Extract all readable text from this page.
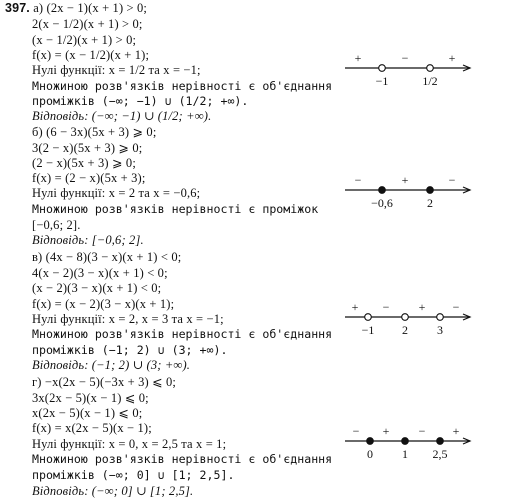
397. а) (2x − 1)(x + 1) > 0;
2(x − 1/2)(x + 1) > 0;
(x − 1/2)(x + 1) > 0;
f(x) = (x − 1/2)(x + 1);
Нулі функції: x = 1/2 та x = −1;
Множиною розв'язків нерівності є об'єднання
проміжків (−∞; −1) ∪ (1/2; +∞).
Відповідь: (−∞; −1) ∪ (1/2; +∞).
б) (6 − 3x)(5x + 3) ⩾ 0;
3(2 − x)(5x + 3) ⩾ 0;
(2 − x)(5x + 3) ⩾ 0;
f(x) = (2 − x)(5x + 3);
Нулі функції: x = 2 та x = −0,6;
Множиною розв'язків нерівності є проміжок
[−0,6; 2].
Відповідь: [−0,6; 2].
в) (4x − 8)(3 − x)(x + 1) < 0;
4(x − 2)(3 − x)(x + 1) < 0;
(x − 2)(3 − x)(x + 1) < 0;
f(x) = (x − 2)(3 − x)(x + 1);
Нулі функції: x = 2, x = 3 та x = −1;
Множиною розв'язків нерівності є об'єднання
проміжків (−1; 2) ∪ (3; +∞).
Відповідь: (−1; 2) ∪ (3; +∞).
г) −x(2x − 5)(−3x + 3) ⩽ 0;
3x(2x − 5)(x − 1) ⩽ 0;
x(2x − 5)(x − 1) ⩽ 0;
f(x) = x(2x − 5)(x − 1);
Нулі функції: x = 0, x = 2,5 та x = 1;
Множиною розв'язків нерівності є об'єднання
проміжків (−∞; 0] ∪ [1; 2,5].
Відповідь: (−∞; 0] ∪ [1; 2,5].
+	−	+
−1	1/2
−	+	−
−0,6	2
+ − + −
−1 2 3
− + − +
0 1 2,5
